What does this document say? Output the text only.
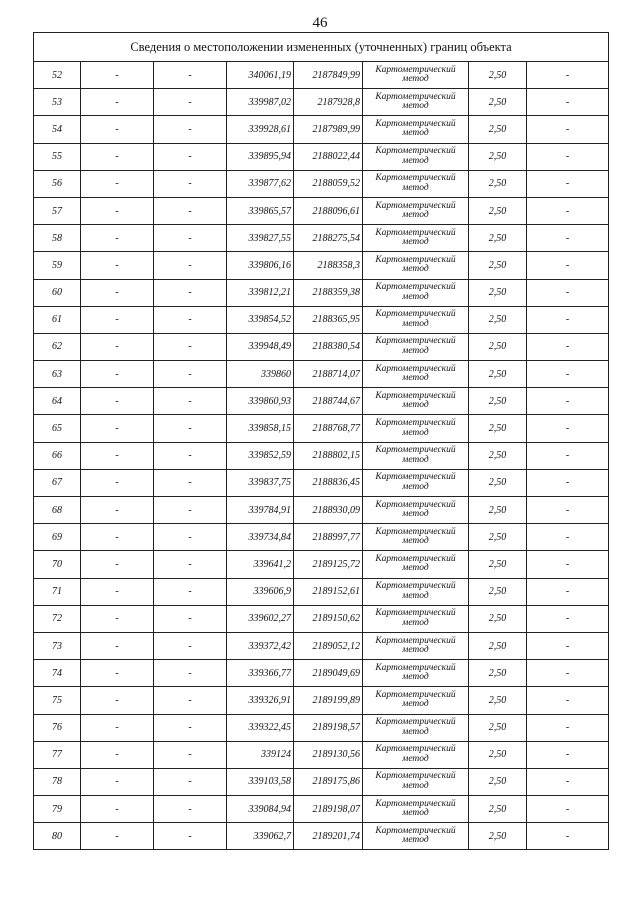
46
Сведения о местоположении измененных (уточненных) границ объекта							
52	-	-	340061,19	2187849,99	Картометрический метод	2,50	-
53	-	-	339987,02	2187928,8	Картометрический метод	2,50	-
54	-	-	339928,61	2187989,99	Картометрический метод	2,50	-
55	-	-	339895,94	2188022,44	Картометрический метод	2,50	-
56	-	-	339877,62	2188059,52	Картометрический метод	2,50	-
57	-	-	339865,57	2188096,61	Картометрический метод	2,50	-
58	-	-	339827,55	2188275,54	Картометрический метод	2,50	-
59	-	-	339806,16	2188358,3	Картометрический метод	2,50	-
60	-	-	339812,21	2188359,38	Картометрический метод	2,50	-
61	-	-	339854,52	2188365,95	Картометрический метод	2,50	-
62	-	-	339948,49	2188380,54	Картометрический метод	2,50	-
63	-	-	339860	2188714,07	Картометрический метод	2,50	-
64	-	-	339860,93	2188744,67	Картометрический метод	2,50	-
65	-	-	339858,15	2188768,77	Картометрический метод	2,50	-
66	-	-	339852,59	2188802,15	Картометрический метод	2,50	-
67	-	-	339837,75	2188836,45	Картометрический метод	2,50	-
68	-	-	339784,91	2188930,09	Картометрический метод	2,50	-
69	-	-	339734,84	2188997,77	Картометрический метод	2,50	-
70	-	-	339641,2	2189125,72	Картометрический метод	2,50	-
71	-	-	339606,9	2189152,61	Картометрический метод	2,50	-
72	-	-	339602,27	2189150,62	Картометрический метод	2,50	-
73	-	-	339372,42	2189052,12	Картометрический метод	2,50	-
74	-	-	339366,77	2189049,69	Картометрический метод	2,50	-
75	-	-	339326,91	2189199,89	Картометрический метод	2,50	-
76	-	-	339322,45	2189198,57	Картометрический метод	2,50	-
77	-	-	339124	2189130,56	Картометрический метод	2,50	-
78	-	-	339103,58	2189175,86	Картометрический метод	2,50	-
79	-	-	339084,94	2189198,07	Картометрический метод	2,50	-
80	-	-	339062,7	2189201,74	Картометрический метод	2,50	-
